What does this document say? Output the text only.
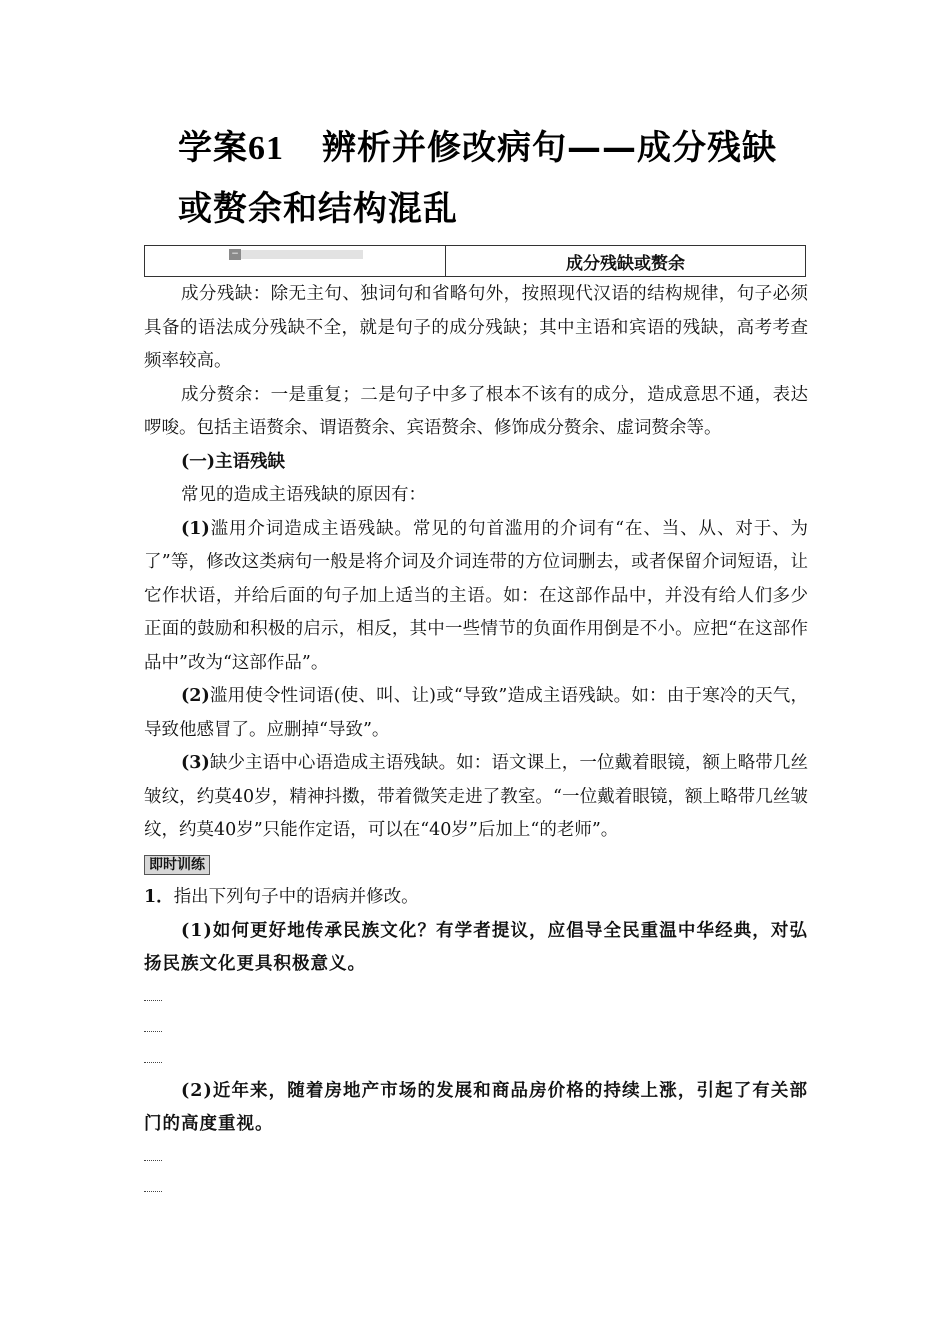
学案61 辨析并修改病句——成分残缺
或赘余和结构混乱
−	成分残缺或赘余

成分残缺：除无主句、独词句和省略句外，按照现代汉语的结构规律，句子必须具备的语法成分残缺不全，就是句子的成分残缺；其中主语和宾语的残缺，高考考查频率较高。

成分赘余：一是重复；二是句子中多了根本不该有的成分，造成意思不通，表达啰唆。包括主语赘余、谓语赘余、宾语赘余、修饰成分赘余、虚词赘余等。

(一)主语残缺

常见的造成主语残缺的原因有：

(1)滥用介词造成主语残缺。常见的句首滥用的介词有“在、当、从、对于、为了”等，修改这类病句一般是将介词及介词连带的方位词删去，或者保留介词短语，让它作状语，并给后面的句子加上适当的主语。如：在这部作品中，并没有给人们多少正面的鼓励和积极的启示，相反，其中一些情节的负面作用倒是不小。应把“在这部作品中”改为“这部作品”。

(2)滥用使令性词语(使、叫、让)或“导致”造成主语残缺。如：由于寒冷的天气，导致他感冒了。应删掉“导致”。

(3)缺少主语中心语造成主语残缺。如：语文课上，一位戴着眼镜，额上略带几丝皱纹，约莫40岁，精神抖擞，带着微笑走进了教室。“一位戴着眼镜，额上略带几丝皱纹，约莫40岁”只能作定语，可以在“40岁”后加上“的老师”。

即时训练

1．指出下列句子中的语病并修改。

(1)如何更好地传承民族文化？有学者提议，应倡导全民重温中华经典，对弘扬民族文化更具积极意义。

(2)近年来，随着房地产市场的发展和商品房价格的持续上涨，引起了有关部门的高度重视。
